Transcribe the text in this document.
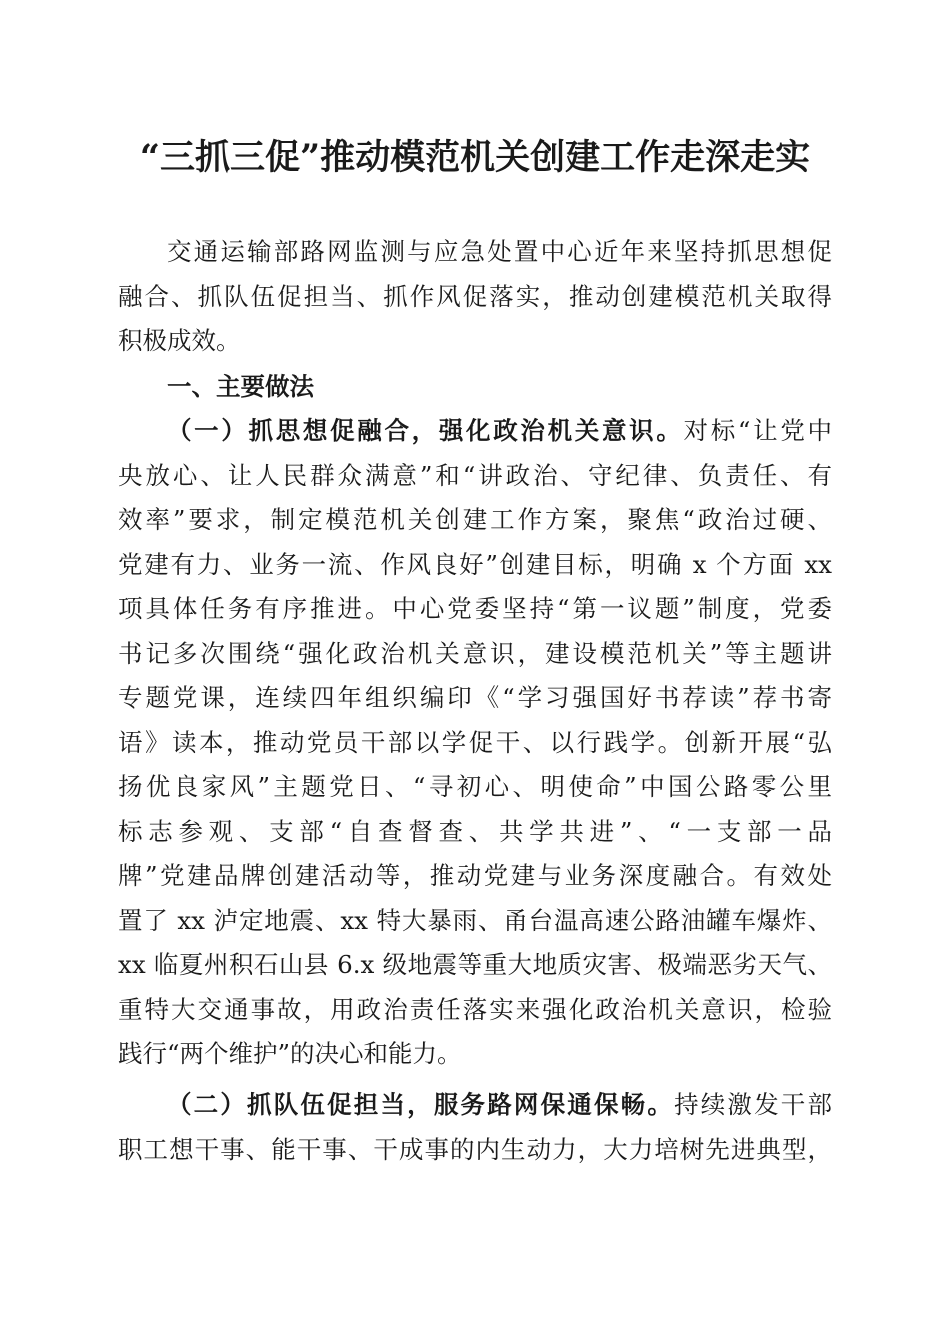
“三抓三促”推动模范机关创建工作走深走实
交通运输部路网监测与应急处置中心近年来坚持抓思想促
融合、抓队伍促担当、抓作风促落实，推动创建模范机关取得
积极成效。
一、主要做法
（一）抓思想促融合，强化政治机关意识。对标“让党中
央放心、让人民群众满意”和“讲政治、守纪律、负责任、有
效率”要求，制定模范机关创建工作方案，聚焦“政治过硬、
党建有力、业务一流、作风良好”创建目标，明确 x 个方面 xx
项具体任务有序推进。中心党委坚持“第一议题”制度，党委
书记多次围绕“强化政治机关意识，建设模范机关”等主题讲
专题党课，连续四年组织编印《“学习强国好书荐读”荐书寄
语》读本，推动党员干部以学促干、以行践学。创新开展“弘
扬优良家风”主题党日、“寻初心、明使命”中国公路零公里
标志参观、支部“自查督查、共学共进”、“一支部一品
牌”党建品牌创建活动等，推动党建与业务深度融合。有效处
置了 xx 泸定地震、xx 特大暴雨、甬台温高速公路油罐车爆炸、
xx 临夏州积石山县 6.x 级地震等重大地质灾害、极端恶劣天气、
重特大交通事故，用政治责任落实来强化政治机关意识，检验
践行“两个维护”的决心和能力。
（二）抓队伍促担当，服务路网保通保畅。持续激发干部
职工想干事、能干事、干成事的内生动力，大力培树先进典型，
